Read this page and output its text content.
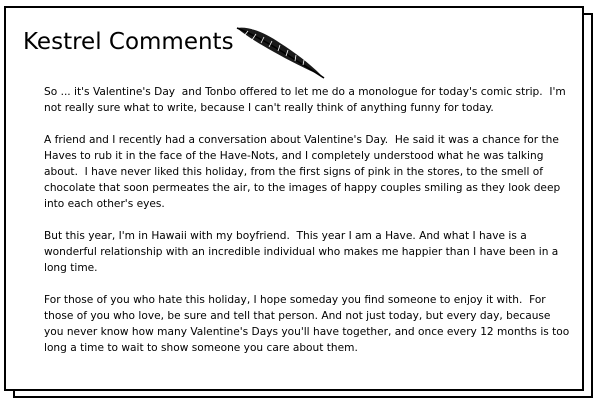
Kestrel Comments

So ... it's Valentine's Day  and Tonbo offered to let me do a monologue for today's comic strip.  I'm not really sure what to write, because I can't really think of anything funny for today.

A friend and I recently had a conversation about Valentine's Day.  He said it was a chance for the Haves to rub it in the face of the Have-Nots, and I completely understood what he was talking about.  I have never liked this holiday, from the first signs of pink in the stores, to the smell of chocolate that soon permeates the air, to the images of happy couples smiling as they look deep into each other's eyes.

But this year, I'm in Hawaii with my boyfriend.  This year I am a Have. And what I have is a wonderful relationship with an incredible individual who makes me happier than I have been in a long time.

For those of you who hate this holiday, I hope someday you find someone to enjoy it with.  For those of you who love, be sure and tell that person. And not just today, but every day, because you never know how many Valentine's Days you'll have together, and once every 12 months is too long a time to wait to show someone you care about them.
